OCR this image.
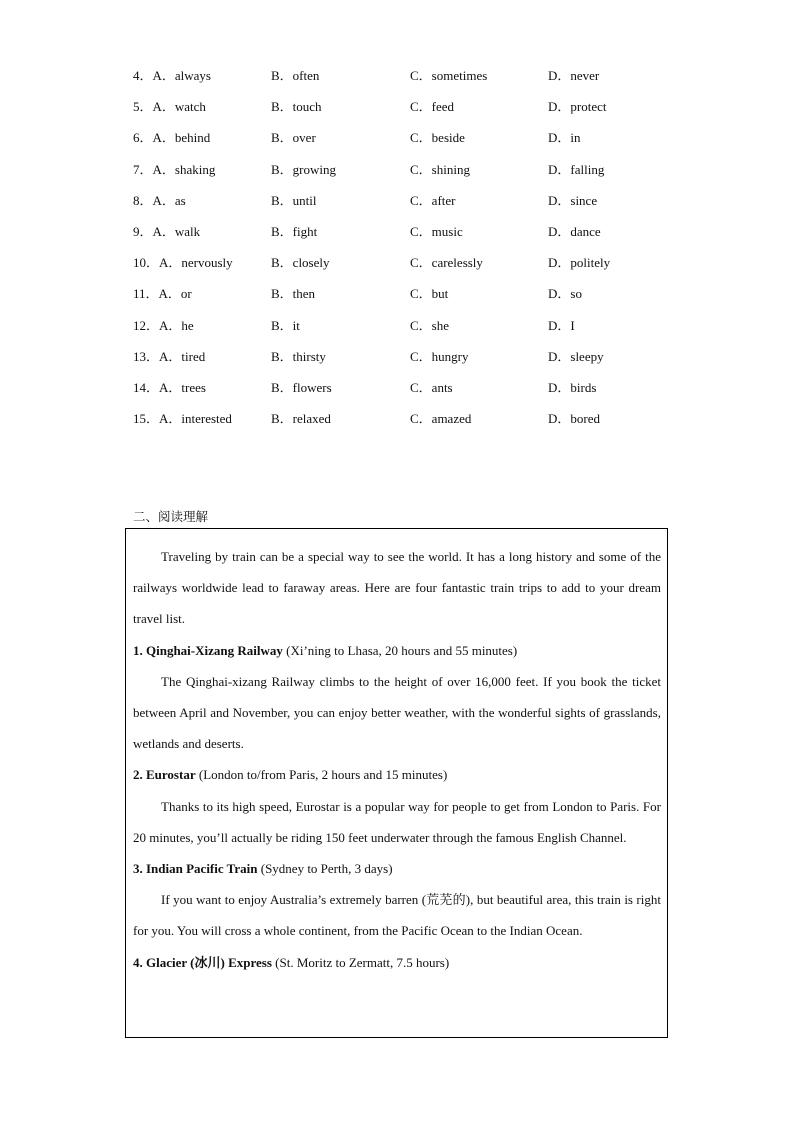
4．A．always	B．often	C．sometimes	D．never
5．A．watch	B．touch	C．feed	D．protect
6．A．behind	B．over	C．beside	D．in
7．A．shaking	B．growing	C．shining	D．falling
8．A．as	B．until	C．after	D．since
9．A．walk	B．fight	C．music	D．dance
10．A．nervously	B．closely	C．carelessly	D．politely
11．A．or	B．then	C．but	D．so
12．A．he	B．it	C．she	D．I
13．A．tired	B．thirsty	C．hungry	D．sleepy
14．A．trees	B．flowers	C．ants	D．birds
15．A．interested	B．relaxed	C．amazed	D．bored
二、阅读理解

Traveling by train can be a special way to see the world. It has a long history and some of the railways worldwide lead to faraway areas. Here are four fantastic train trips to add to your dream travel list.

1. Qinghai-Xizang Railway (Xi’ning to Lhasa, 20 hours and 55 minutes)

The Qinghai-xizang Railway climbs to the height of over 16,000 feet. If you book the ticket between April and November, you can enjoy better weather, with the wonderful sights of grasslands, wetlands and deserts.

2. Eurostar (London to/from Paris, 2 hours and 15 minutes)

Thanks to its high speed, Eurostar is a popular way for people to get from London to Paris. For 20 minutes, you’ll actually be riding 150 feet underwater through the famous English Channel.

3. Indian Pacific Train (Sydney to Perth, 3 days)

If you want to enjoy Australia’s extremely barren (荒芜的), but beautiful area, this train is right for you. You will cross a whole continent, from the Pacific Ocean to the Indian Ocean.

4. Glacier (冰川) Express (St. Moritz to Zermatt, 7.5 hours)
